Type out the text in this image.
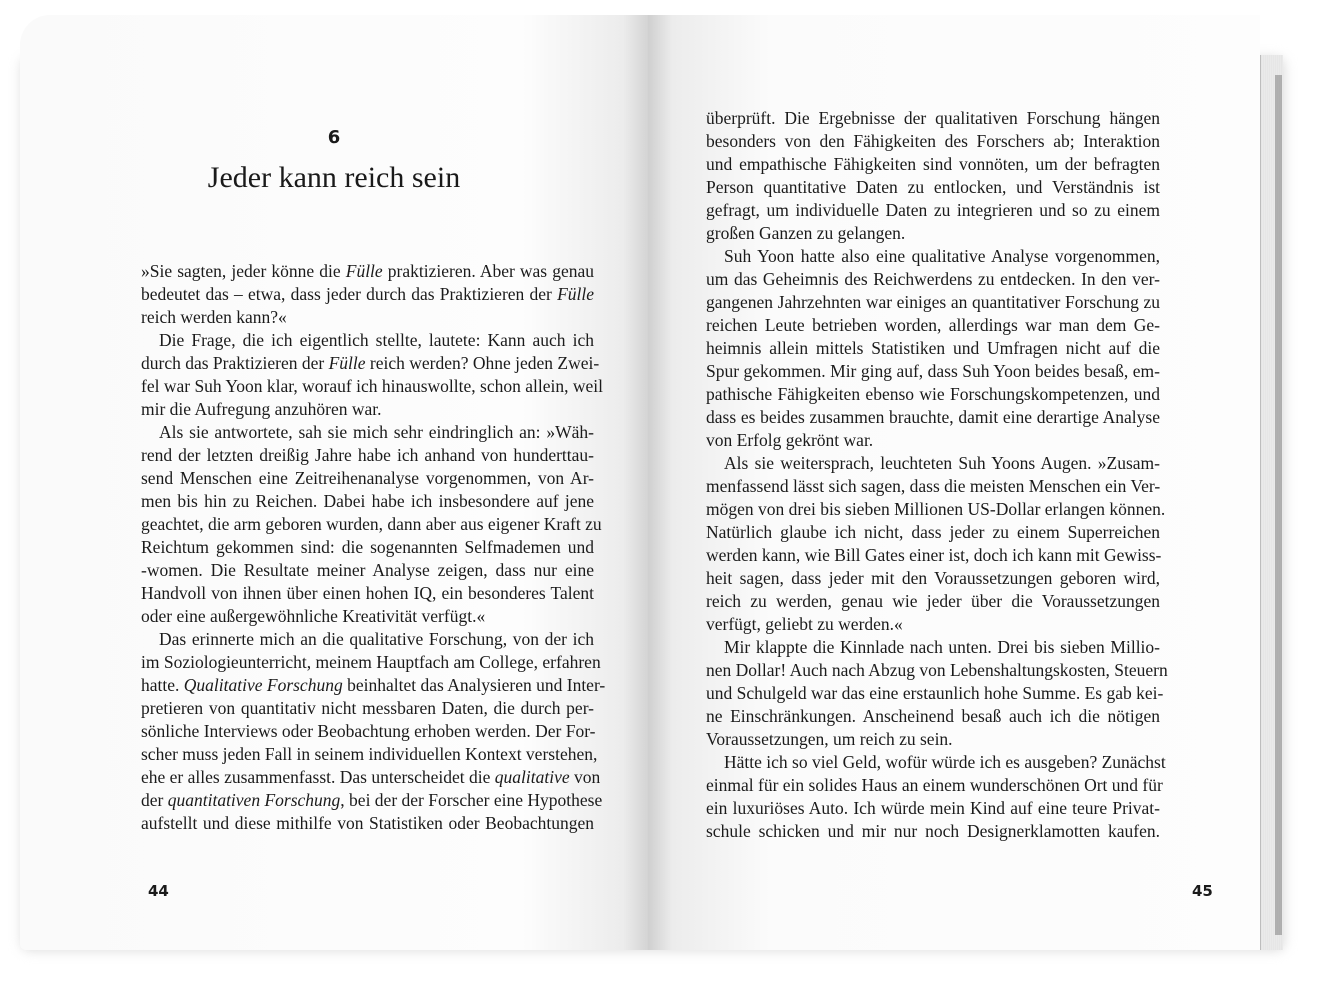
6
Jeder kann reich sein

»Sie sagten, jeder könne die Fülle praktizieren. Aber was genau

bedeutet das – etwa, dass jeder durch das Praktizieren der Fülle

reich werden kann?«

Die Frage, die ich eigentlich stellte, lautete: Kann auch ich

durch das Praktizieren der Fülle reich werden? Ohne jeden Zwei-

fel war Suh Yoon klar, worauf ich hinauswollte, schon allein, weil

mir die Aufregung anzuhören war.

Als sie antwortete, sah sie mich sehr eindringlich an: »Wäh-

rend der letzten dreißig Jahre habe ich anhand von hunderttau-

send Menschen eine Zeitreihenanalyse vorgenommen, von Ar-

men bis hin zu Reichen. Dabei habe ich insbesondere auf jene

geachtet, die arm geboren wurden, dann aber aus eigener Kraft zu

Reichtum gekommen sind: die sogenannten Selfmademen und

-women. Die Resultate meiner Analyse zeigen, dass nur eine

Handvoll von ihnen über einen hohen IQ, ein besonderes Talent

oder eine außergewöhnliche Kreativität verfügt.«

Das erinnerte mich an die qualitative Forschung, von der ich

im Soziologieunterricht, meinem Hauptfach am College, erfahren

hatte. Qualitative Forschung beinhaltet das Analysieren und Inter-

pretieren von quantitativ nicht messbaren Daten, die durch per-

sönliche Interviews oder Beobachtung erhoben werden. Der For-

scher muss jeden Fall in seinem individuellen Kontext verstehen,

ehe er alles zusammenfasst. Das unterscheidet die qualitative von

der quantitativen Forschung, bei der der Forscher eine Hypothese

aufstellt und diese mithilfe von Statistiken oder Beobachtungen

überprüft. Die Ergebnisse der qualitativen Forschung hängen

besonders von den Fähigkeiten des Forschers ab; Interaktion

und empathische Fähigkeiten sind vonnöten, um der befragten

Person quantitative Daten zu entlocken, und Verständnis ist

gefragt, um individuelle Daten zu integrieren und so zu einem

großen Ganzen zu gelangen.

Suh Yoon hatte also eine qualitative Analyse vorgenommen,

um das Geheimnis des Reichwerdens zu entdecken. In den ver-

gangenen Jahrzehnten war einiges an quantitativer Forschung zu

reichen Leute betrieben worden, allerdings war man dem Ge-

heimnis allein mittels Statistiken und Umfragen nicht auf die

Spur gekommen. Mir ging auf, dass Suh Yoon beides besaß, em-

pathische Fähigkeiten ebenso wie Forschungskompetenzen, und

dass es beides zusammen brauchte, damit eine derartige Analyse

von Erfolg gekrönt war.

Als sie weitersprach, leuchteten Suh Yoons Augen. »Zusam-

menfassend lässt sich sagen, dass die meisten Menschen ein Ver-

mögen von drei bis sieben Millionen US-Dollar erlangen können.

Natürlich glaube ich nicht, dass jeder zu einem Superreichen

werden kann, wie Bill Gates einer ist, doch ich kann mit Gewiss-

heit sagen, dass jeder mit den Voraussetzungen geboren wird,

reich zu werden, genau wie jeder über die Voraussetzungen

verfügt, geliebt zu werden.«

Mir klappte die Kinnlade nach unten. Drei bis sieben Millio-

nen Dollar! Auch nach Abzug von Lebenshaltungskosten, Steuern

und Schulgeld war das eine erstaunlich hohe Summe. Es gab kei-

ne Einschränkungen. Anscheinend besaß auch ich die nötigen

Voraussetzungen, um reich zu sein.

Hätte ich so viel Geld, wofür würde ich es ausgeben? Zunächst

einmal für ein solides Haus an einem wunderschönen Ort und für

ein luxuriöses Auto. Ich würde mein Kind auf eine teure Privat-

schule schicken und mir nur noch Designerklamotten kaufen.

44	45
